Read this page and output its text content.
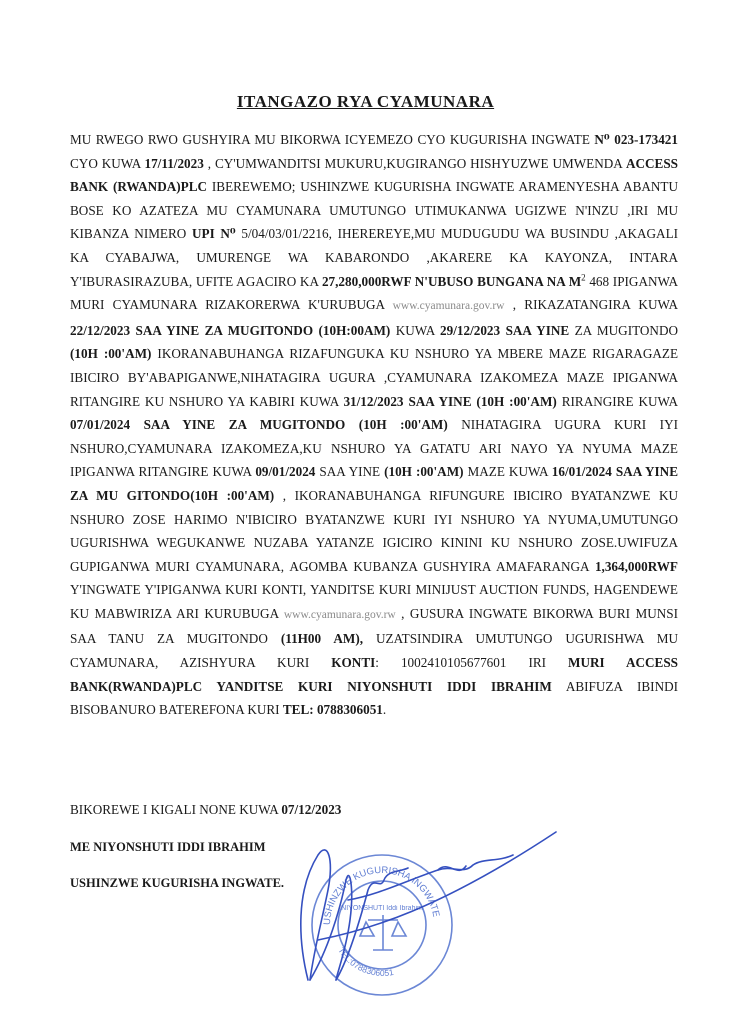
ITANGAZO RYA CYAMUNARA

MU RWEGO RWO GUSHYIRA MU BIKORWA ICYEMEZO CYO KUGURISHA INGWATE N⁰ 023-173421 CYO KUWA 17/11/2023 , CY'UMWANDITSI MUKURU,KUGIRANGO HISHYUZWE UMWENDA ACCESS BANK (RWANDA)PLC IBEREWEMO; USHINZWE KUGURISHA INGWATE ARAMENYESHA ABANTU BOSE KO AZATEZA MU CYAMUNARA UMUTUNGO UTIMUKANWA UGIZWE N'INZU ,IRI MU KIBANZA NIMERO UPI N⁰ 5/04/03/01/2216, IHEREREYE,MU MUDUGUDU WA BUSINDU ,AKAGALI KA CYABAJWA, UMURENGE WA KABARONDO ,AKARERE KA KAYONZA, INTARA Y'IBURASIRAZUBA, UFITE AGACIRO KA 27,280,000RWF N'UBUSO BUNGANA NA $M^2$ 468 IPIGANWA MURI CYAMUNARA RIZAKORERWA K'URUBUGA www.cyamunara.gov.rw , RIKAZATANGIRA KUWA 22/12/2023 SAA YINE ZA MUGITONDO (10H:00AM) KUWA 29/12/2023 SAA YINE ZA MUGITONDO (10H :00'AM) IKORANABUHANGA RIZAFUNGUKA KU NSHURO YA MBERE MAZE RIGARAGAZE IBICIRO BY'ABAPIGANWE,NIHATAGIRA UGURA ,CYAMUNARA IZAKOMEZA MAZE IPIGANWA RITANGIRE KU NSHURO YA KABIRI KUWA 31/12/2023 SAA YINE (10H :00'AM) RIRANGIRE KUWA 07/01/2024 SAA YINE ZA MUGITONDO (10H :00'AM) NIHATAGIRA UGURA KURI IYI NSHURO,CYAMUNARA IZAKOMEZA,KU NSHURO YA GATATU ARI NAYO YA NYUMA MAZE IPIGANWA RITANGIRE KUWA 09/01/2024 SAA YINE (10H :00'AM) MAZE KUWA 16/01/2024 SAA YINE ZA MU GITONDO(10H :00'AM) , IKORANABUHANGA RIFUNGURE IBICIRO BYATANZWE KU NSHURO ZOSE HARIMO N'IBICIRO BYATANZWE KURI IYI NSHURO YA NYUMA,UMUTUNGO UGURISHWA WEGUKANWE NUZABA YATANZE IGICIRO KININI KU NSHURO ZOSE.UWIFUZA GUPIGANWA MURI CYAMUNARA, AGOMBA KUBANZA GUSHYIRA AMAFARANGA 1,364,000RWF Y'INGWATE Y'IPIGANWA KURI KONTI, YANDITSE KURI MINIJUST AUCTION FUNDS, HAGENDEWE KU MABWIRIZA ARI KURUBUGA www.cyamunara.gov.rw , GUSURA INGWATE BIKORWA BURI MUNSI SAA TANU ZA MUGITONDO (11H00 AM), UZATSINDIRA UMUTUNGO UGURISHWA MU CYAMUNARA, AZISHYURA KURI KONTI: 1002410105677601 IRI MURI ACCESS BANK(RWANDA)PLC YANDITSE KURI NIYONSHUTI IDDI IBRAHIM ABIFUZA IBINDI BISOBANURO BATEREFONA KURI TEL: 0788306051.

BIKOREWE I KIGALI NONE KUWA 07/12/2023
ME NIYONSHUTI IDDI IBRAHIM
USHINZWE KUGURISHA INGWATE.
USHINZWE KUGURISHA INGWATE
NIYONSHUTI Iddi Ibrahim
TEL:0788306051
